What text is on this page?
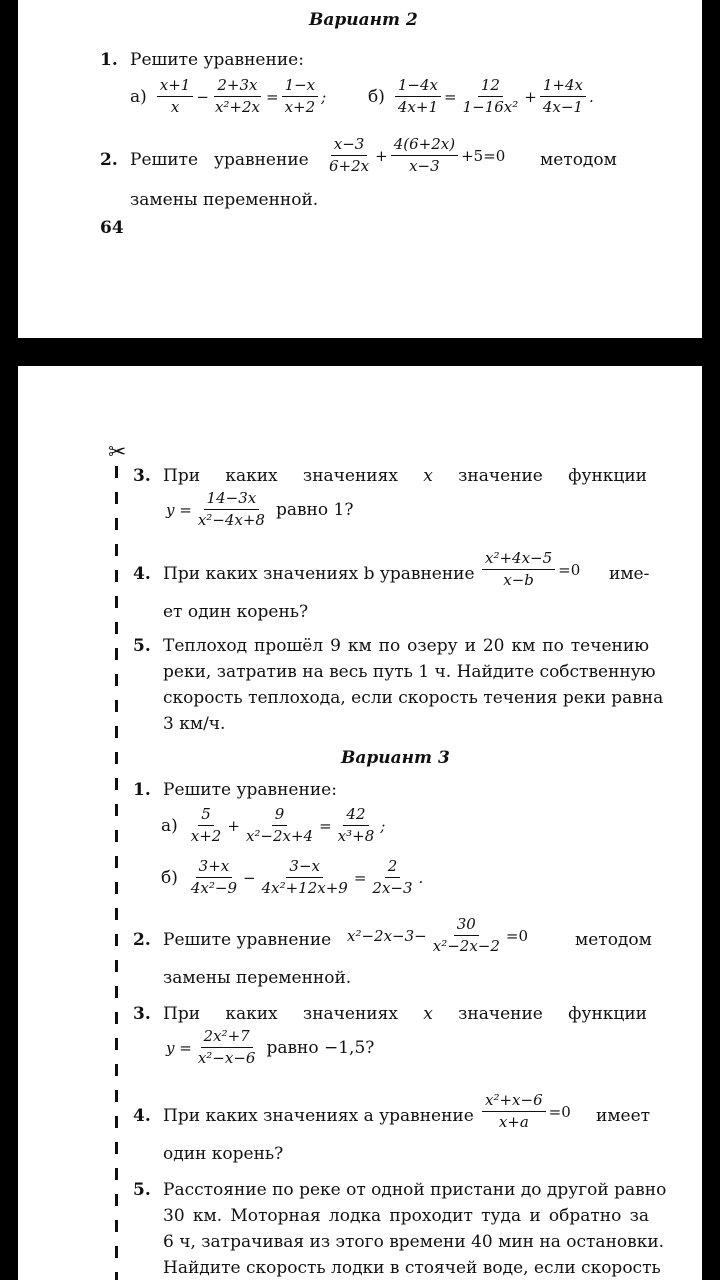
Вариант 2
1. Решите уравнение:
$а) \frac{x+1}{x} - \frac{2+3x}{\text{x²+2x}} = \frac{1-x}{x+2}$ ; $б) \frac{1-4x}{4x+1} = \frac{12}{\text{1−16x²}} + \frac{1+4x}{4x-1}$ .
2. Решите уравнение $\frac{x-3}{6+2x} + \frac{4(6+2x)}{x-3} +5=0$ методом
замены переменной.
64
✂
3. При каких значениях x значение функции
$y = \frac{14-3x}{\text{x²−4x+8}}$ равно 1?
4. При каких значениях b уравнение $\frac{\text{x²+4x−5}}{x-b} =0$ име-
ет один корень?
5. Теплоход прошёл 9 км по озеру и 20 км по течению
реки, затратив на весь путь 1 ч. Найдите собственную
скорость теплохода, если скорость течения реки равна
3 км/ч.
Вариант 3
1. Решите уравнение:
$а) \frac{5}{x+2} + \frac{9}{\text{x²−2x+4}} = \frac{42}{\text{x³+8}}$ ;
$б) \frac{3+x}{\text{4x²−9}} - \frac{3-x}{\text{4x²+12x+9}} = \frac{2}{2x-3}$ .
2. Решите уравнение $x^2-2x-3- \frac{30}{\text{x²−2x−2}} =0$	методом
замены переменной.
3. При каких значениях x значение функции
$y = \frac{\text{2x²+7}}{\text{x²−x−6}}$ равно −1,5?
4. При каких значениях a уравнение $\frac{\text{x²+x−6}}{x+a} =0$ имеет
один корень?
5. Расстояние по реке от одной пристани до другой равно
30 км. Моторная лодка проходит туда и обратно за
6 ч, затрачивая из этого времени 40 мин на остановки.
Найдите скорость лодки в стоячей воде, если скорость
